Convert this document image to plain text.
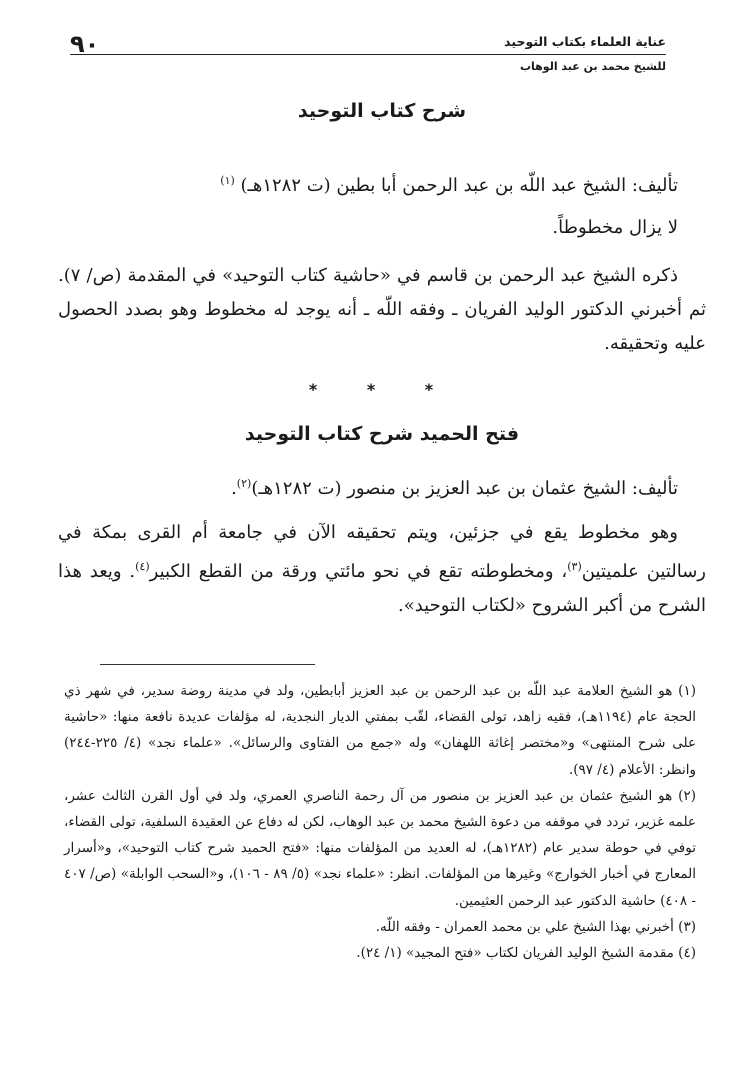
٩٠	عناية العلماء بكتاب التوحيد
للشيخ محمد بن عبد الوهاب
شرح كتاب التوحيد

تأليف: الشيخ عبد اللّه بن عبد الرحمن أبا بطين (ت ١٢٨٢هـ) $^{(١)}$

لا يزال مخطوطاً.

ذكره الشيخ عبد الرحمن بن قاسم في «حاشية كتاب التوحيد» في المقدمة (ص/ ٧). ثم أخبرني الدكتور الوليد الفريان ـ وفقه اللّه ـ أنه يوجد له مخطوط وهو بصدد الحصول عليه وتحقيقه.

* * *
فتح الحميد شرح كتاب التوحيد

تأليف: الشيخ عثمان بن عبد العزيز بن منصور (ت ١٢٨٢هـ)$^{(٢)}$.

وهو مخطوط يقع في جزئين، ويتم تحقيقه الآن في جامعة أم القرى بمكة في رسالتين علميتين$^{(٣)}$، ومخطوطته تقع في نحو مائتي ورقة من القطع الكبير$^{(٤)}$. ويعد هذا الشرح من أكبر الشروح «لكتاب التوحيد».

(١) هو الشيخ العلامة عبد اللّه بن عبد الرحمن بن عبد العزيز أبابطين، ولد في مدينة روضة سدير، في شهر ذي الحجة عام (١١٩٤هـ)، فقيه زاهد، تولى القضاء، لقّب بمفتي الديار النجدية، له مؤلفات عديدة نافعة منها: «حاشية على شرح المنتهى» و«مختصر إغاثة اللهفان» وله «جمع من الفتاوى والرسائل». «علماء نجد» (٤/ ٢٢٥-٢٤٤) وانظر: الأعلام (٤/ ٩٧).

(٢) هو الشيخ عثمان بن عبد العزيز بن منصور من آل رحمة الناصري العمري، ولد في أول القرن الثالث عشر، علمه غزير، تردد في موقفه من دعوة الشيخ محمد بن عبد الوهاب، لكن له دفاع عن العقيدة السلفية، تولى القضاء، توفي في حوطة سدير عام (١٢٨٢هـ)، له العديد من المؤلفات منها: «فتح الحميد شرح كتاب التوحيد»، و«أسرار المعارج في أخبار الخوارج» وغيرها من المؤلفات. انظر: «علماء نجد» (٥/ ٨٩ - ١٠٦)، و«السحب الوابلة» (ص/ ٤٠٧ - ٤٠٨) حاشية الدكتور عبد الرحمن العثيمين.

(٣) أخبرني بهذا الشيخ علي بن محمد العمران - وفقه اللّه.

(٤) مقدمة الشيخ الوليد الفريان لكتاب «فتح المجيد» (١/ ٢٤).
